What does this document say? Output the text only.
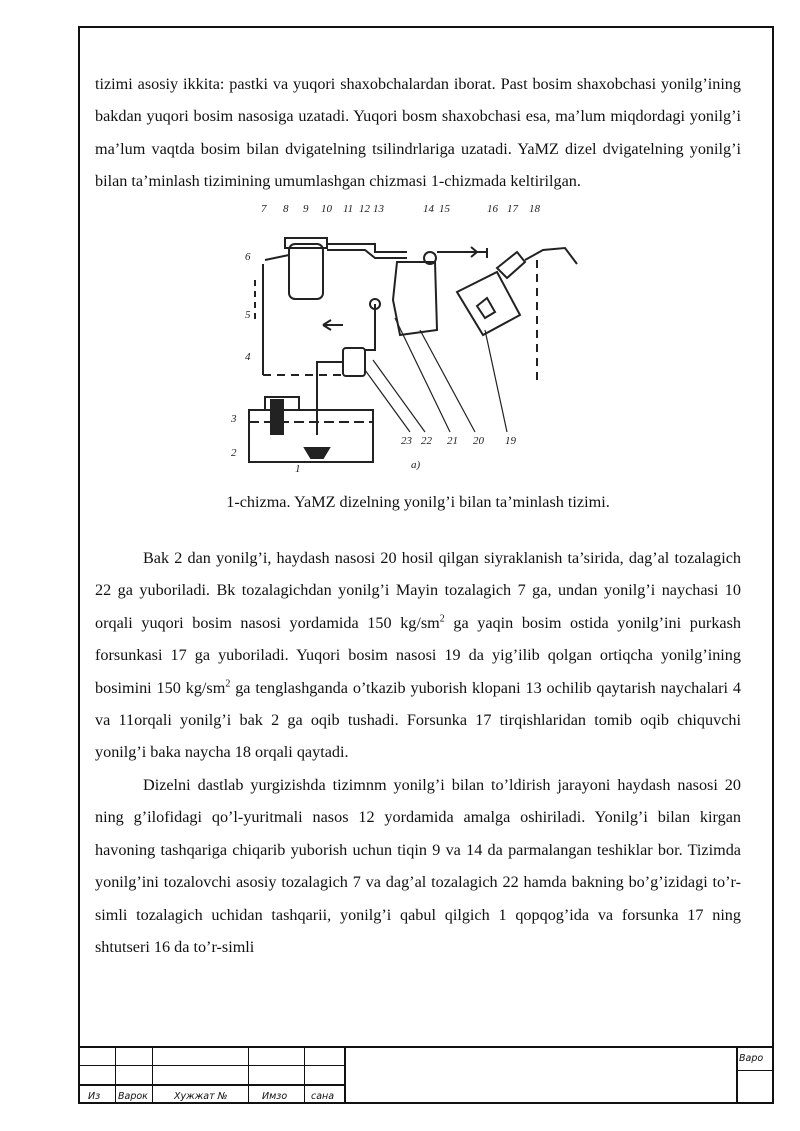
tizimi asosiy ikkita: pastki va yuqori shaxobchalardan iborat. Past bosim shaxobchasi yonilg’ining bakdan yuqori bosim nasosiga uzatadi. Yuqori bosm shaxobchasi esa, ma’lum miqdordagi yonilg’i ma’lum vaqtda bosim bilan dvigatelning tsilindrlariga uzatadi. YaMZ dizel dvigatelning yonilg’i bilan ta’minlash tizimining umumlashgan chizmasi 1-chizmada keltirilgan.

7 8 9 10 11 12 13	14 15	16 17 18
6
5
4
3
2
1
23 22 21 20 19
a)

1-chizma. YaMZ dizelning yonilg’i bilan ta’minlash tizimi.

Bak 2 dan yonilg’i, haydash nasosi 20 hosil qilgan siyraklanish ta’sirida, dag’al tozalagich 22 ga yuboriladi. Bk tozalagichdan yonilg’i Mayin tozalagich 7 ga, undan yonilg’i naychasi 10 orqali yuqori bosim nasosi yordamida 150 $kg/sm^2$ ga yaqin bosim ostida yonilg’ini purkash forsunkasi 17 ga yuboriladi. Yuqori bosim nasosi 19 da yig’ilib qolgan ortiqcha yonilg’ining bosimini 150 $kg/sm^2$ ga tenglashganda o’tkazib yuborish klopani 13 ochilib qaytarish naychalari 4 va 11orqali yonilg’i bak 2 ga oqib tushadi. Forsunka 17 tirqishlaridan tomib oqib chiquvchi yonilg’i baka naycha 18 orqali qaytadi.

Dizelni dastlab yurgizishda tizimnm yonilg’i bilan to’ldirish jarayoni haydash nasosi 20 ning g’ilofidagi qo’l-yuritmali nasos 12 yordamida amalga oshiriladi. Yonilg’i bilan kirgan havoning tashqariga chiqarib yuborish uchun tiqin 9 va 14 da parmalangan teshiklar bor. Tizimda yonilg’ini tozalovchi asosiy tozalagich 7 va dag’al tozalagich 22 hamda bakning bo’g’izidagi to’r-simli tozalagich uchidan tashqarii, yonilg’i qabul qilgich 1 qopqog’ida va forsunka 17 ning shtutseri 16 da to’r-simli

Из Варок	Хужжат №	Имзо	сана
Варо
